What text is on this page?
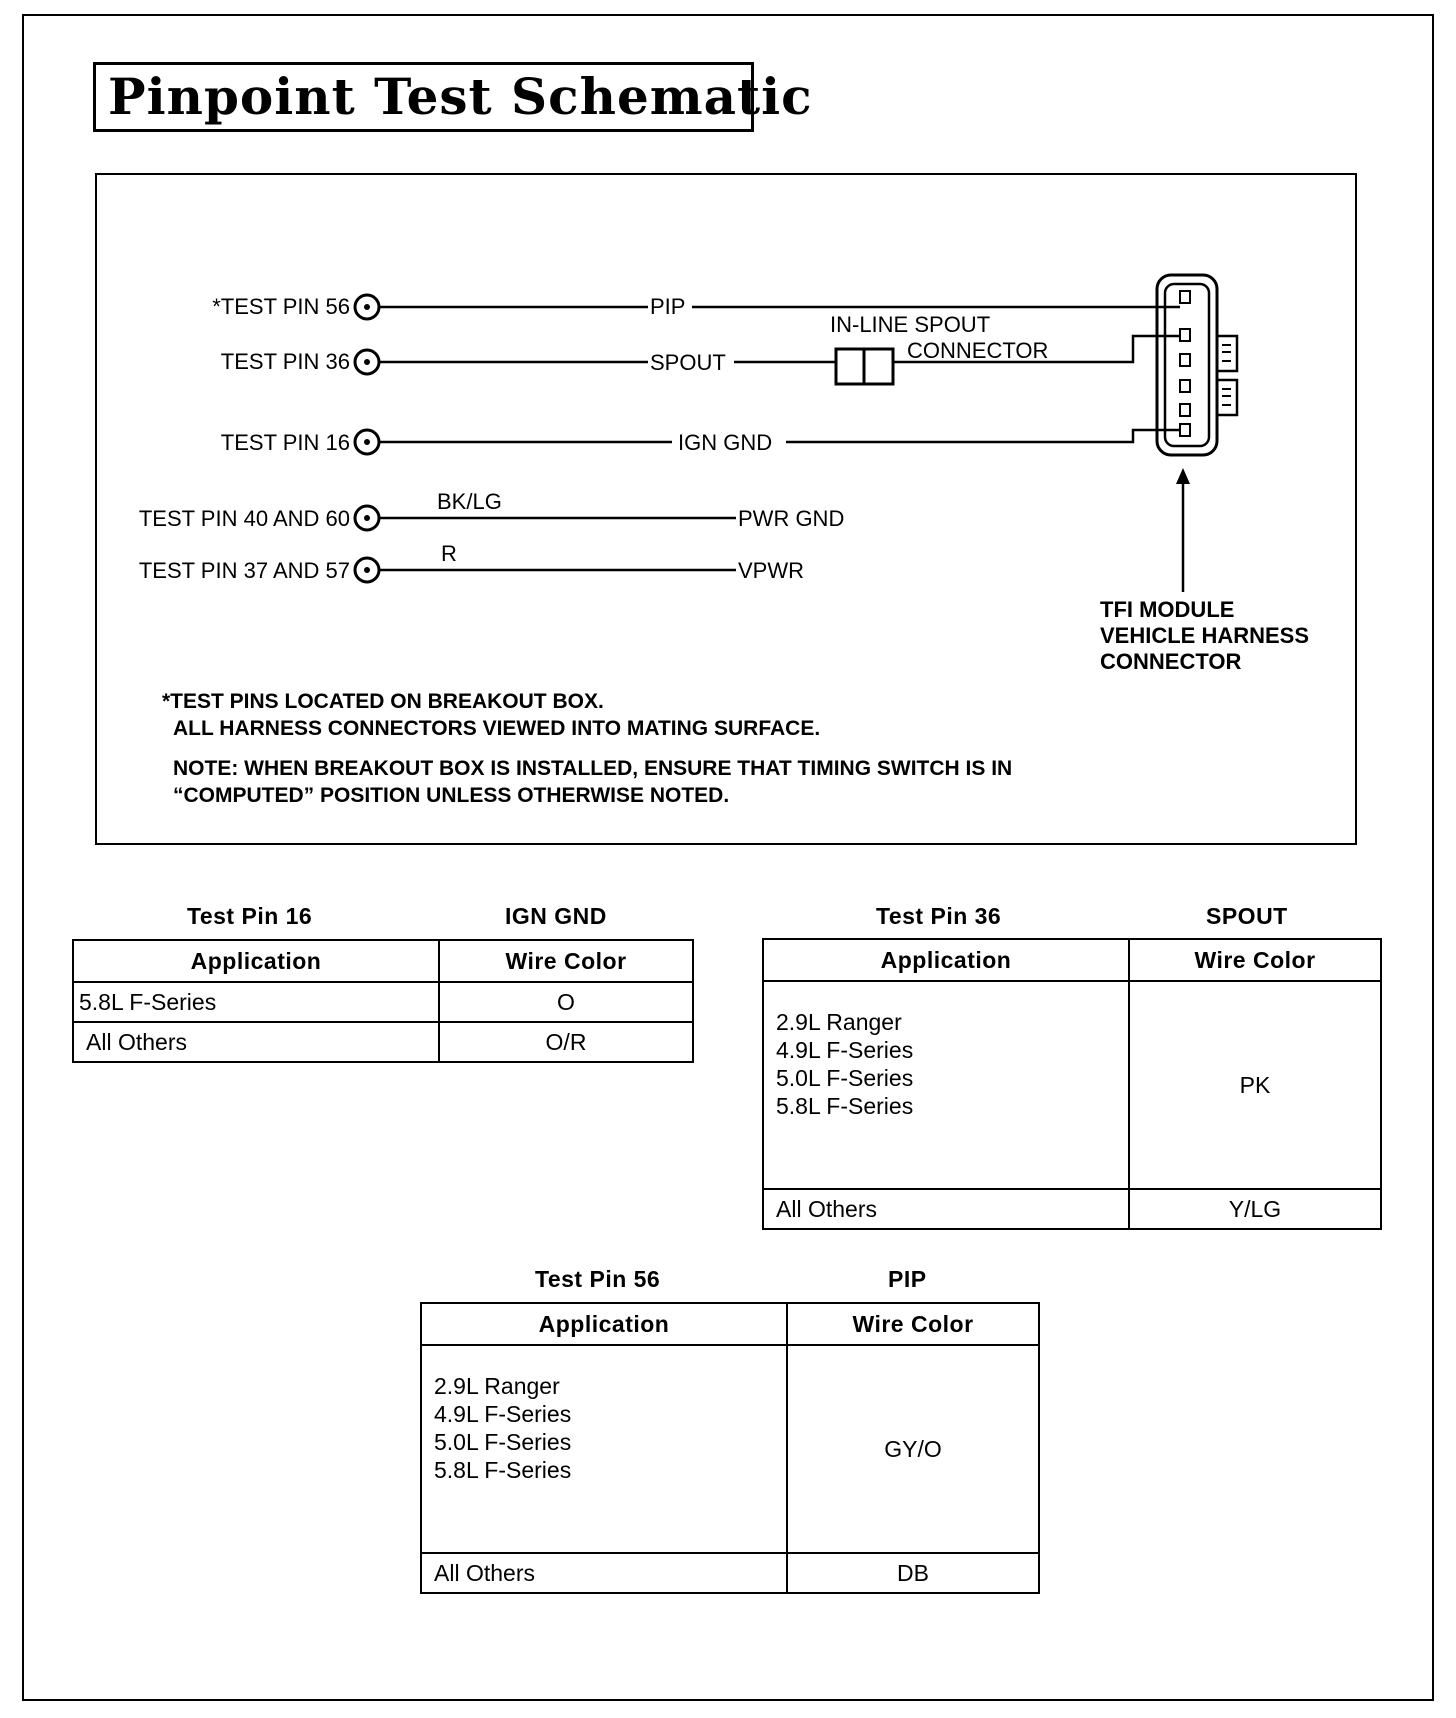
Pinpoint Test Schematic
*TEST PIN 56
TEST PIN 36
TEST PIN 16
TEST PIN 40 AND 60
TEST PIN 37 AND 57
PIP
SPOUT
IGN GND
PWR GND
VPWR
BK/LG
R
IN-LINE SPOUT
CONNECTOR
TFI MODULE
VEHICLE HARNESS
CONNECTOR
*TEST PINS LOCATED ON BREAKOUT BOX.
ALL HARNESS CONNECTORS VIEWED INTO MATING SURFACE.
NOTE: WHEN BREAKOUT BOX IS INSTALLED, ENSURE THAT TIMING SWITCH IS IN
“COMPUTED” POSITION UNLESS OTHERWISE NOTED.
Test Pin 16	IGN GND
Application	Wire Color
5.8L F-Series	O
All Others	O/R
Test Pin 36	SPOUT
Application	Wire Color

2.9L Ranger
4.9L F-Series
5.0L F-Series
5.8L F-Series	PK
All Others	Y/LG
Test Pin 56	PIP
Application	Wire Color

2.9L Ranger
4.9L F-Series
5.0L F-Series
5.8L F-Series	GY/O
All Others	DB
